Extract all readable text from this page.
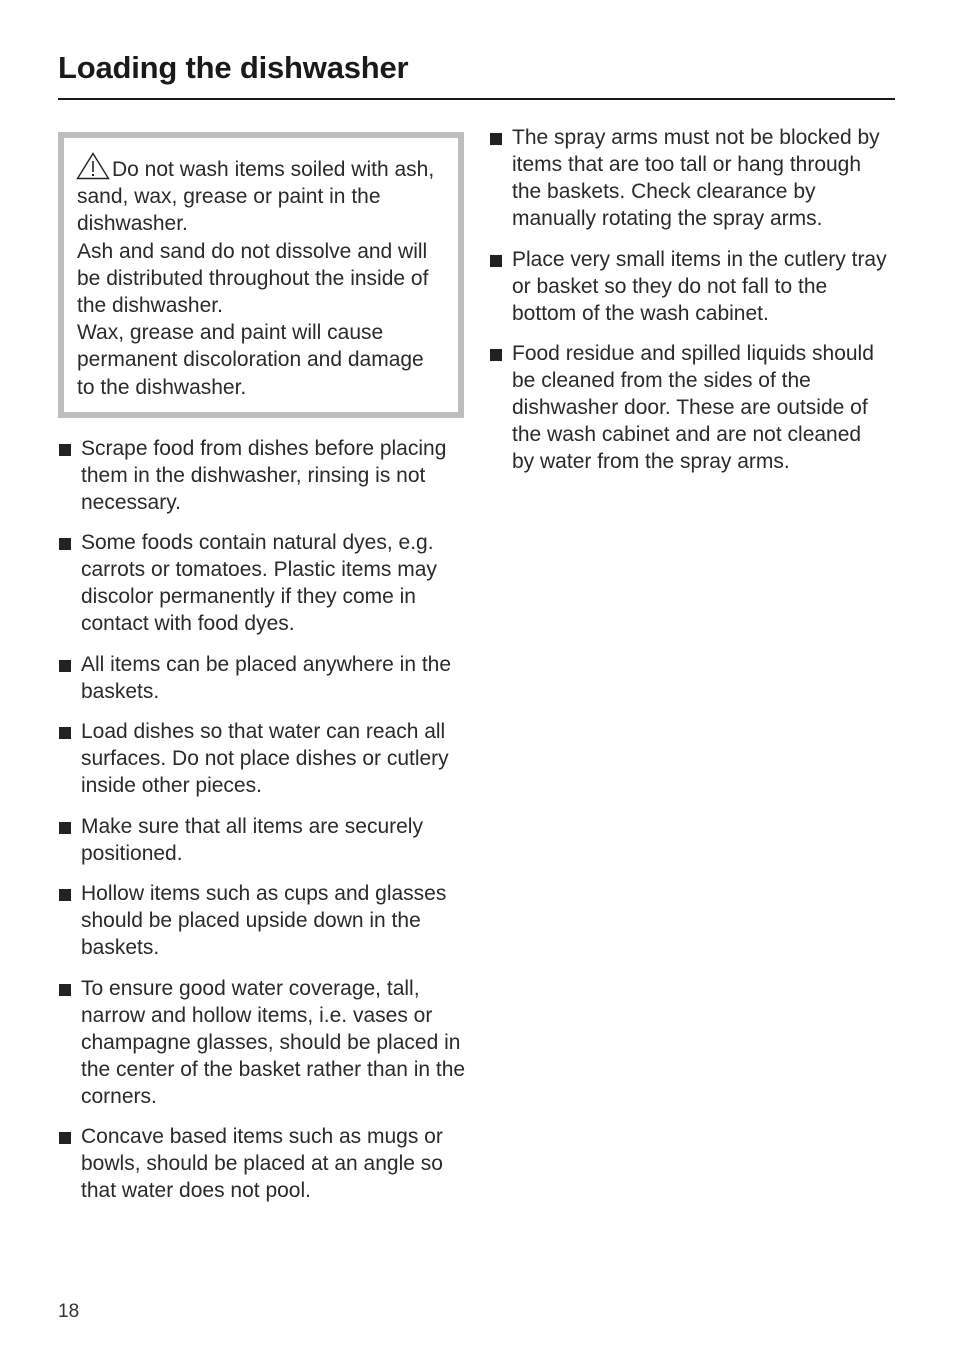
Loading the dishwasher

Do not wash items soiled with ash, sand, wax, grease or paint in the dishwasher.

Ash and sand do not dissolve and will be distributed throughout the inside of the dishwasher.

Wax, grease and paint will cause permanent discoloration and damage to the dishwasher.

Scrape food from dishes before placing them in the dishwasher, rinsing is not necessary.
Some foods contain natural dyes, e.g. carrots or tomatoes. Plastic items may discolor permanently if they come in contact with food dyes.
All items can be placed anywhere in the baskets.
Load dishes so that water can reach all surfaces. Do not place dishes or cutlery inside other pieces.
Make sure that all items are securely positioned.
Hollow items such as cups and glasses should be placed upside down in the baskets.
To ensure good water coverage, tall, narrow and hollow items, i.e. vases or champagne glasses, should be placed in the center of the basket rather than in the corners.
Concave based items such as mugs or bowls, should be placed at an angle so that water does not pool.
The spray arms must not be blocked by items that are too tall or hang through the baskets. Check clearance by manually rotating the spray arms.
Place very small items in the cutlery tray or basket so they do not fall to the bottom of the wash cabinet.
Food residue and spilled liquids should be cleaned from the sides of the dishwasher door. These are outside of the wash cabinet and are not cleaned by water from the spray arms.
18
